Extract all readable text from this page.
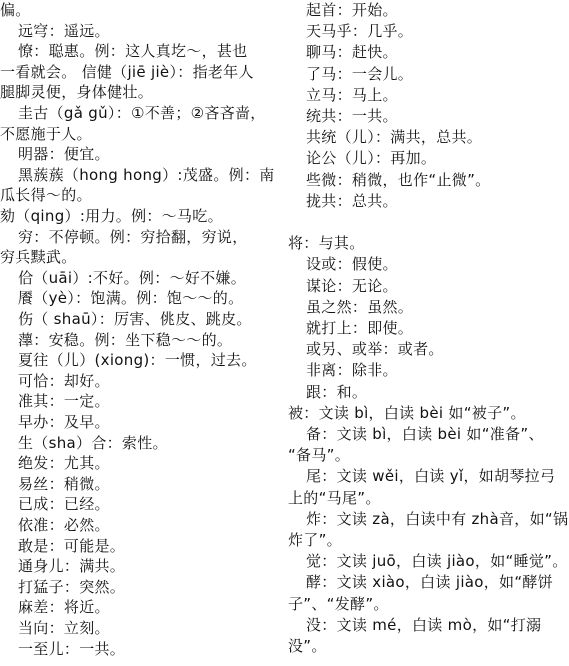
偏。
远穹：遥远。
憭：聪惠。例：这人真圪～，甚也
一看就会。 信健（jiē jiè）：指老年人
腿脚灵便，身体健壮。
圭古（gǎ gǔ）：①不善；②吝吝啬，
不愿施于人。
明器：便宜。
黑蔟蔟（hong hong）:茂盛。例：南
瓜长得～的。
劾（qing）:用力。例：～马吃。
穷：不停顿。例：穷拾翻，穷说，
穷兵黩武。
佮（uāi）:不好。例：～好不嫌。
餍（yè）：饱满。例：饱～～的。
伤（ shaū）：厉害、佻皮、跳皮。
䕪：安稳。例：坐下稳～～的。
夏往（儿）(xiong)：一惯，过去。
可恰：却好。
准其：一定。
早办：及早。
生（sha）合：索性。
绝发：尤其。
易丝：稍微。
已成：已经。
依准：必然。
敢是：可能是。
通身儿：满共。
打猛子：突然。
麻差：将近。
当向：立刻。
一至儿：一共。
起首：开始。
天马乎：几乎。
聊马：赶快。
了马：一会儿。
立马：马上。
统共：一共。
共统（儿）：满共，总共。
论公（儿）：再加。
些微：稍微，也作“止微”。
拢共：总共。
将：与其。
设或：假使。
谋论：无论。
虽之然：虽然。
就打上：即使。
或另、或举：或者。
非离：除非。
跟：和。
被：文读 bì，白读 bèi 如“被子”。
备：文读 bì，白读 bèi 如“准备”、
“备马”。
尾：文读 wěi，白读 yǐ，如胡琴拉弓
上的“马尾”。
炸：文读 zà，白读中有 zhà音，如“锅
炸了”。
觉：文读 juō，白读 jiào，如“睡觉”。
酵：文读 xiào，白读 jiào，如“酵饼
子”、“发酵”。
没：文读 mé，白读 mò，如“打溺
没”。
